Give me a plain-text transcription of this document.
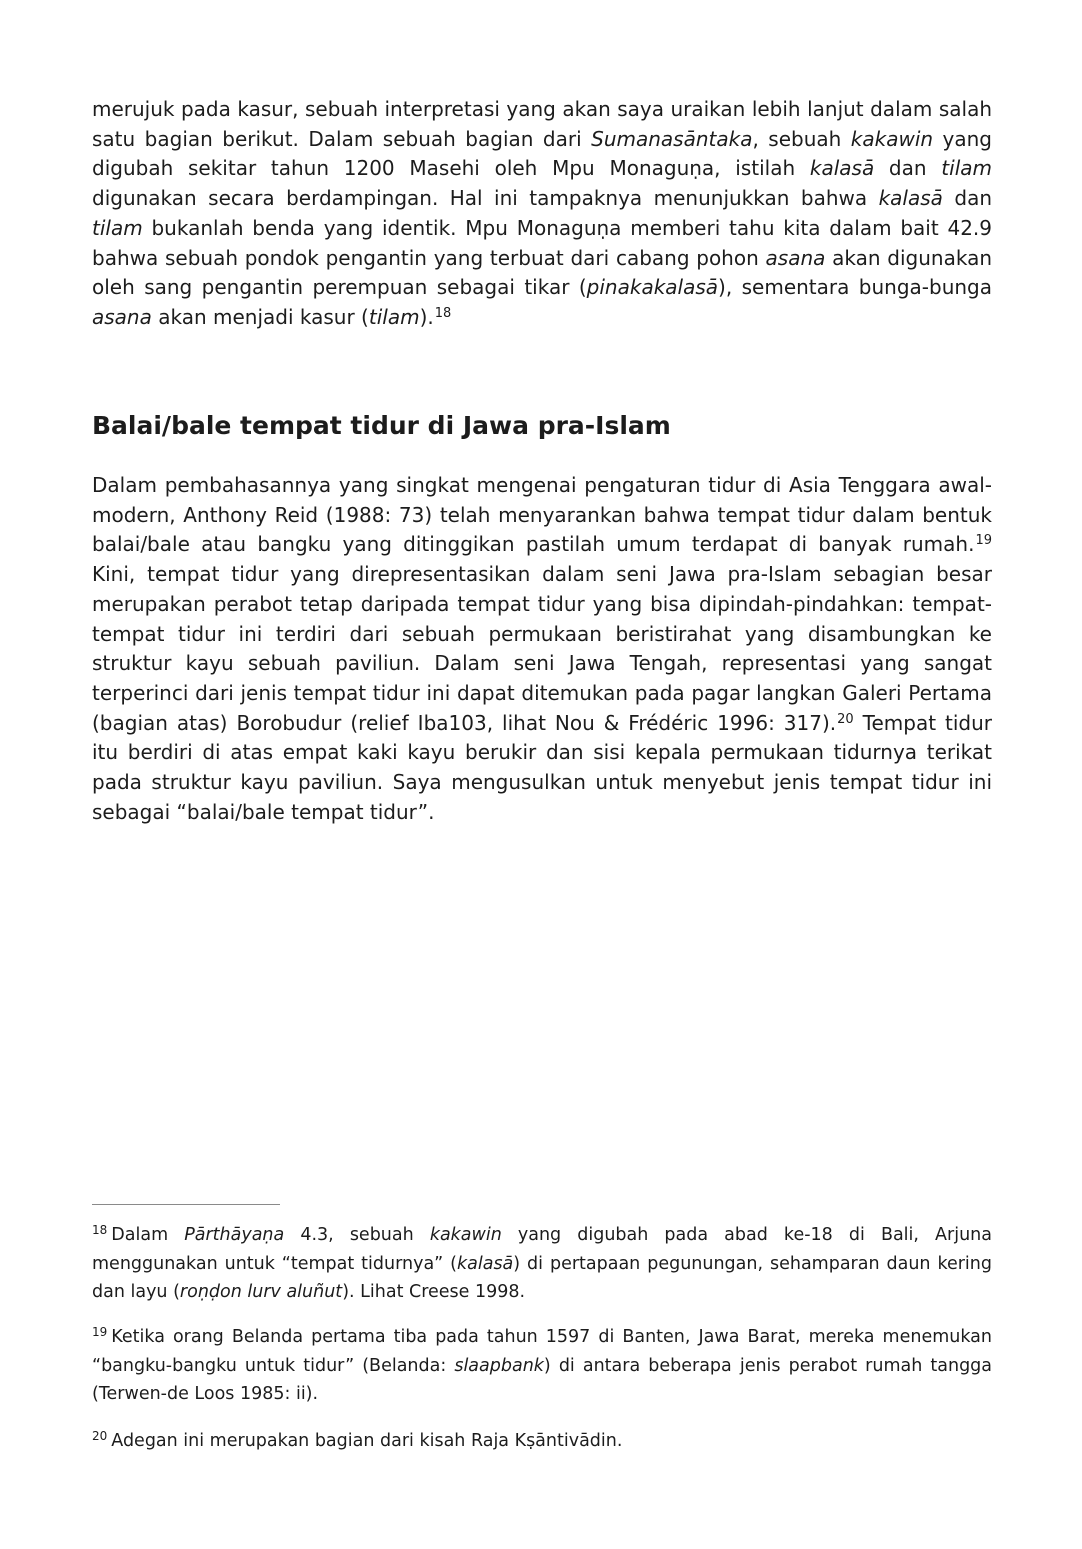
merujuk pada kasur, sebuah interpretasi yang akan saya uraikan lebih lanjut dalam salah satu bagian berikut. Dalam sebuah bagian dari Sumanasāntaka, sebuah kakawin yang digubah sekitar tahun 1200 Masehi oleh Mpu Monaguṇa, istilah kalasā dan tilam digunakan secara berdampingan. Hal ini tampaknya menunjukkan bahwa kalasā dan tilam bukanlah benda yang identik. Mpu Monaguṇa memberi tahu kita dalam bait 42.9 bahwa sebuah pondok pengantin yang terbuat dari cabang pohon asana akan digunakan oleh sang pengantin perempuan sebagai tikar (pinakakalasā), sementara bunga-bunga asana akan menjadi kasur (tilam).$^{18}$

Balai/bale tempat tidur di Jawa pra-Islam

Dalam pembahasannya yang singkat mengenai pengaturan tidur di Asia Tenggara awal-modern, Anthony Reid (1988: 73) telah menyarankan bahwa tempat tidur dalam bentuk balai/bale atau bangku yang ditinggikan pastilah umum terdapat di banyak rumah.$^{19}$ Kini, tempat tidur yang direpresentasikan dalam seni Jawa pra-Islam sebagian besar merupakan perabot tetap daripada tempat tidur yang bisa dipindah-pindahkan: tempat-tempat tidur ini terdiri dari sebuah permukaan beristirahat yang disambungkan ke struktur kayu sebuah paviliun. Dalam seni Jawa Tengah, representasi yang sangat terperinci dari jenis tempat tidur ini dapat ditemukan pada pagar langkan Galeri Pertama (bagian atas) Borobudur (relief Iba103, lihat Nou & Frédéric 1996: 317).$^{20}$ Tempat tidur itu berdiri di atas empat kaki kayu berukir dan sisi kepala permukaan tidurnya terikat pada struktur kayu paviliun. Saya mengusulkan untuk menyebut jenis tempat tidur ini sebagai “balai/bale tempat tidur”.

$^{18}$ Dalam Pārthāyaṇa 4.3, sebuah kakawin yang digubah pada abad ke-18 di Bali, Arjuna menggunakan untuk “tempat tidurnya” (kalasā) di pertapaan pegunungan, sehamparan daun kering dan layu (roṇḍon lurv aluñut). Lihat Creese 1998.

$^{19}$ Ketika orang Belanda pertama tiba pada tahun 1597 di Banten, Jawa Barat, mereka menemukan “bangku-bangku untuk tidur” (Belanda: slaapbank) di antara beberapa jenis perabot rumah tangga (Terwen-de Loos 1985: ii).

$^{20}$ Adegan ini merupakan bagian dari kisah Raja Kṣāntivādin.
